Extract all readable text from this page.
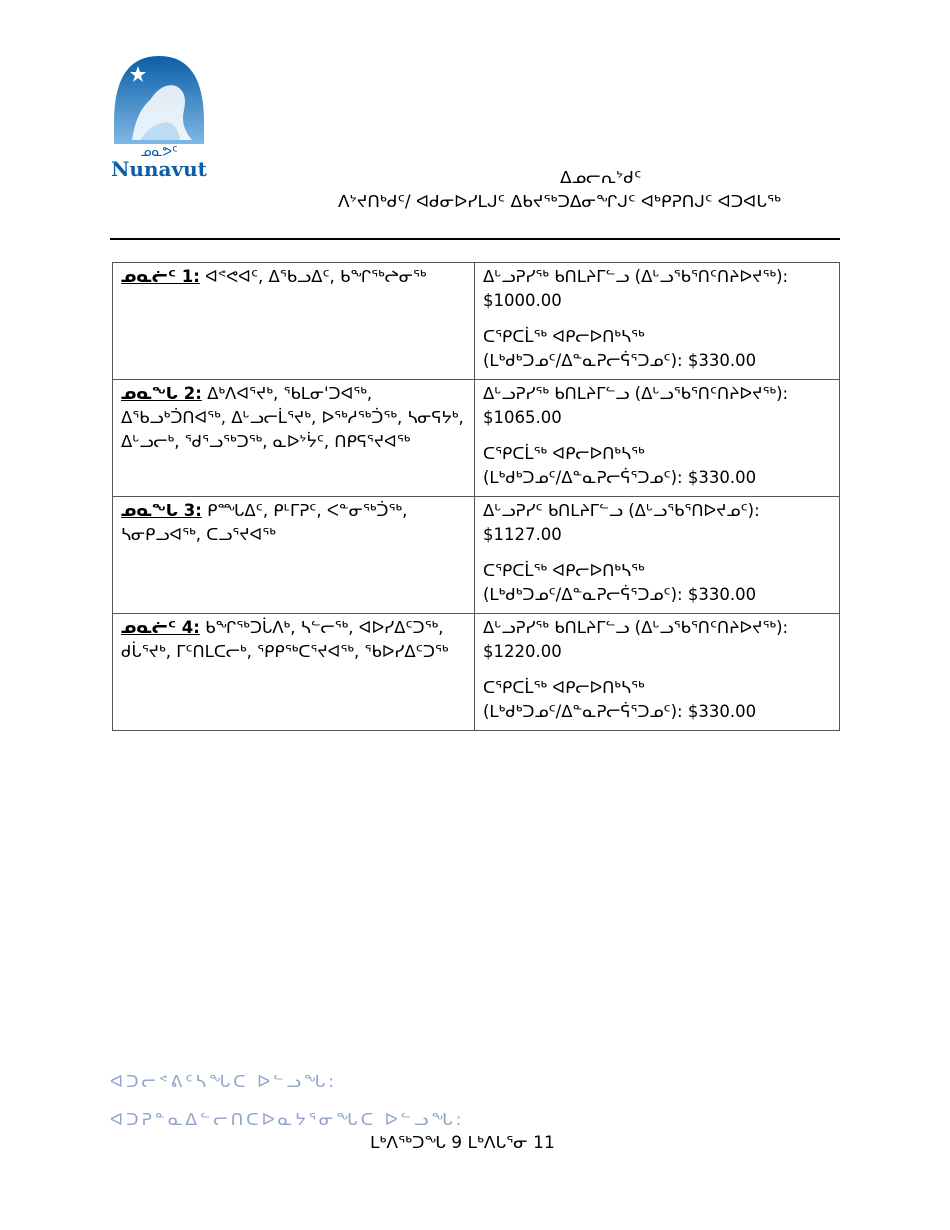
ᓄᓇᕗᑦ
Nunavut	ᐃᓄᓕᕆᔾᑯᑦ
ᐱᔾᔪᑎᒃᑯᑦ/ ᐊᑯᓂᐅᓯᒪᒍᑦ ᐃᑲᔪᖅᑐᐃᓂᖏᒍᑦ ᐊᒃᑭᕈᑎᒍᑦ ᐊᑐᐊᒐᖅ
ᓄᓇᓖᑦ 1: ᐊᕝᕙᐊᑦ, ᐃᖃᓗᐃᑦ, ᑲᖏᖅᖠᓂᖅ	ᐃᒡᓗᕈᓯᖅ ᑲᑎᒪᔨᒥᓪᓗ (ᐃᒡᓗᖃᕐᑎᑦᑎᔨᐅᔪᖅ):
$1000.00
ᑕᕿᑕᒫᖅ ᐊᑭᓕᐅᑎᒃᓴᖅ
(ᒪᒃᑯᒃᑐᓄᑦ/ᐃᓐᓇᕈᓕᕌᕐᑐᓄᑦ): $330.00

ᓄᓇᖓ 2: ᐃᒃᐱᐊᕐᔪᒃ, ᖃᒪᓂ'ᑐᐊᖅ, ᐃᖃᓗᒃᑑᑎᐊᖅ, ᐃᒡᓗᓕᒫᕐᔪᒃ, ᐅᖅᓱᖅᑑᖅ, ᓴᓂᕋᔭᒃ, ᐃᒡᓗᓕᒃ, ᖁᕐᓗᖅᑐᖅ, ᓇᐅᔾᔮᑦ, ᑎᑭᕋᕐᔪᐊᖅ	ᐃᒡᓗᕈᓯᖅ ᑲᑎᒪᔨᒥᓪᓗ (ᐃᒡᓗᖃᕐᑎᑦᑎᔨᐅᔪᖅ):
$1065.00
ᑕᕿᑕᒫᖅ ᐊᑭᓕᐅᑎᒃᓴᖅ
(ᒪᒃᑯᒃᑐᓄᑦ/ᐃᓐᓇᕈᓕᕌᕐᑐᓄᑦ): $330.00

ᓄᓇᖓ 3: ᑭᙵᐃᑦ, ᑭᒻᒥᕈᑦ, ᐸᓐᓂᖅᑑᖅ, ᓴᓂᑭᓗᐊᖅ, ᑕᓗᕐᔪᐊᖅ	ᐃᒡᓗᕈᓯᑦ ᑲᑎᒪᔨᒥᓪᓗ (ᐃᒡᓗᖃᕐᑎᐅᔪᓄᑦ):
$1127.00
ᑕᕿᑕᒫᖅ ᐊᑭᓕᐅᑎᒃᓴᖅ
(ᒪᒃᑯᒃᑐᓄᑦ/ᐃᓐᓇᕈᓕᕌᕐᑐᓄᑦ): $330.00

ᓄᓇᓖᑦ 4: ᑲᖏᖅᑐᒑᐱᒃ, ᓴᓪᓕᖅ, ᐊᐅᓯᐃᑦᑐᖅ, ᑯᒑᕐᔪᒃ, ᒥᑦᑎᒪᑕᓕᒃ, ᕿᑭᖅᑕᕐᔪᐊᖅ, ᖃᐅᓯᐃᑦᑐᖅ	ᐃᒡᓗᕈᓯᖅ ᑲᑎᒪᔨᒥᓪᓗ (ᐃᒡᓗᖃᕐᑎᑦᑎᔨᐅᔪᖅ):
$1220.00
ᑕᕿᑕᒫᖅ ᐊᑭᓕᐅᑎᒃᓴᖅ
(ᒪᒃᑯᒃᑐᓄᑦ/ᐃᓐᓇᕈᓕᕌᕐᑐᓄᑦ): $330.00
ᐊᑐᓕᕝᕕᑦᓴᖓᑕ ᐅᓪᓗᖓ:
ᐊᑐᕈᓐᓇᐃᓪᓕᑎᑕᐅᓇᔭᕐᓂᖓᑕ ᐅᓪᓗᖓ:
ᒪᒃᐱᖅᑐᖓ 9 ᒪᒃᐱᒐᕐᓂ 11
